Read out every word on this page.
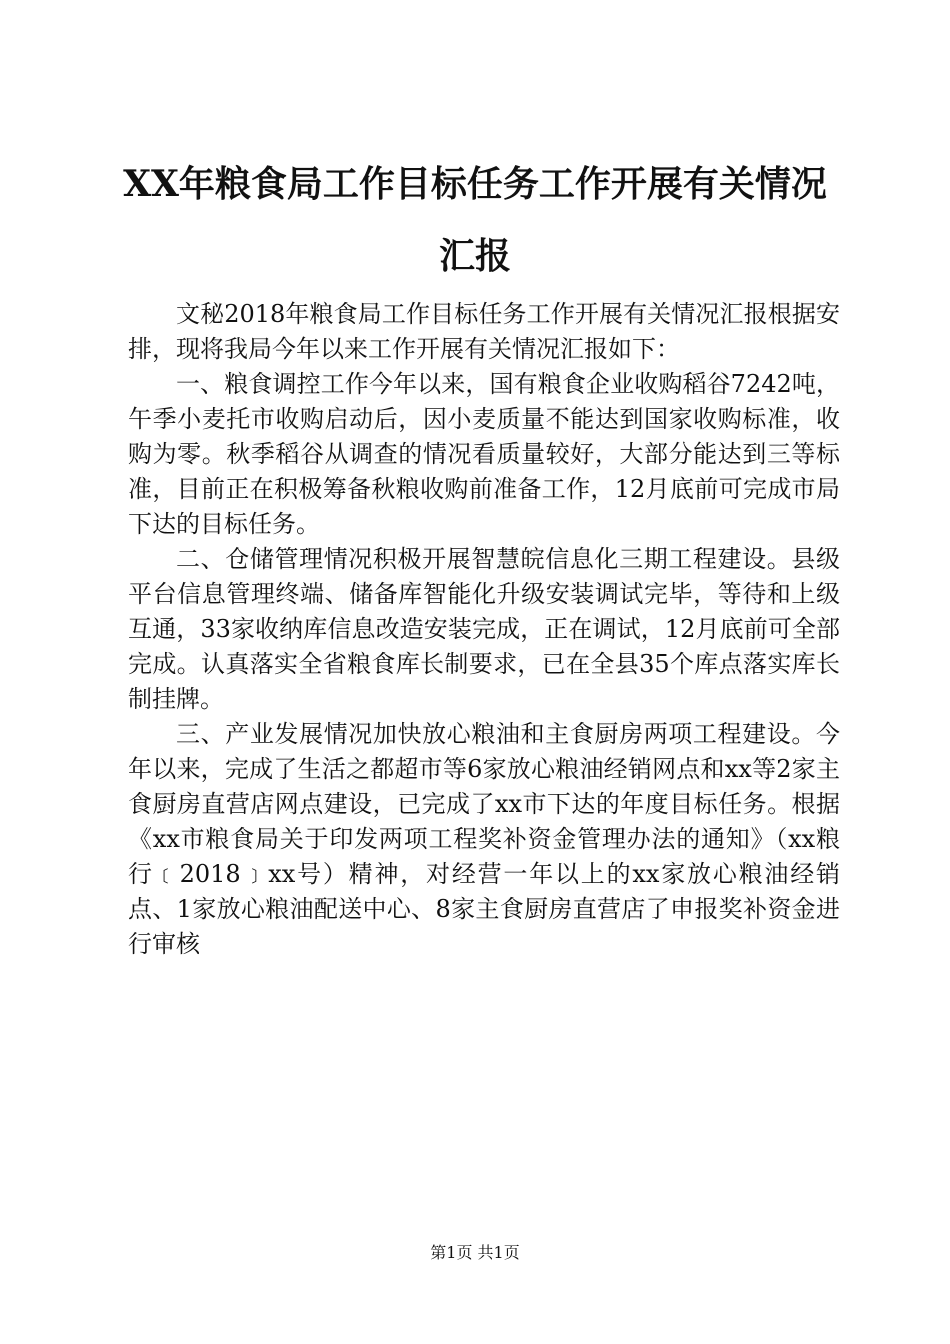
XX年粮食局工作目标任务工作开展有关情况汇报

文秘2018年粮食局工作目标任务工作开展有关情况汇报根据安排，现将我局今年以来工作开展有关情况汇报如下：

一、粮食调控工作今年以来，国有粮食企业收购稻谷7242吨，午季小麦托市收购启动后，因小麦质量不能达到国家收购标准，收购为零。秋季稻谷从调查的情况看质量较好，大部分能达到三等标准，目前正在积极筹备秋粮收购前准备工作，12月底前可完成市局下达的目标任务。

二、仓储管理情况积极开展智慧皖信息化三期工程建设。县级平台信息管理终端、储备库智能化升级安装调试完毕，等待和上级互通，33家收纳库信息改造安装完成，正在调试，12月底前可全部完成。认真落实全省粮食库长制要求，已在全县35个库点落实库长制挂牌。

三、产业发展情况加快放心粮油和主食厨房两项工程建设。今年以来，完成了生活之都超市等6家放心粮油经销网点和xx等2家主食厨房直营店网点建设，已完成了xx市下达的年度目标任务。根据《xx市粮食局关于印发两项工程奖补资金管理办法的通知》（xx粮行﹝2018﹞xx号）精神，对经营一年以上的xx家放心粮油经销点、1家放心粮油配送中心、8家主食厨房直营店了申报奖补资金进行审核

第1页 共1页
